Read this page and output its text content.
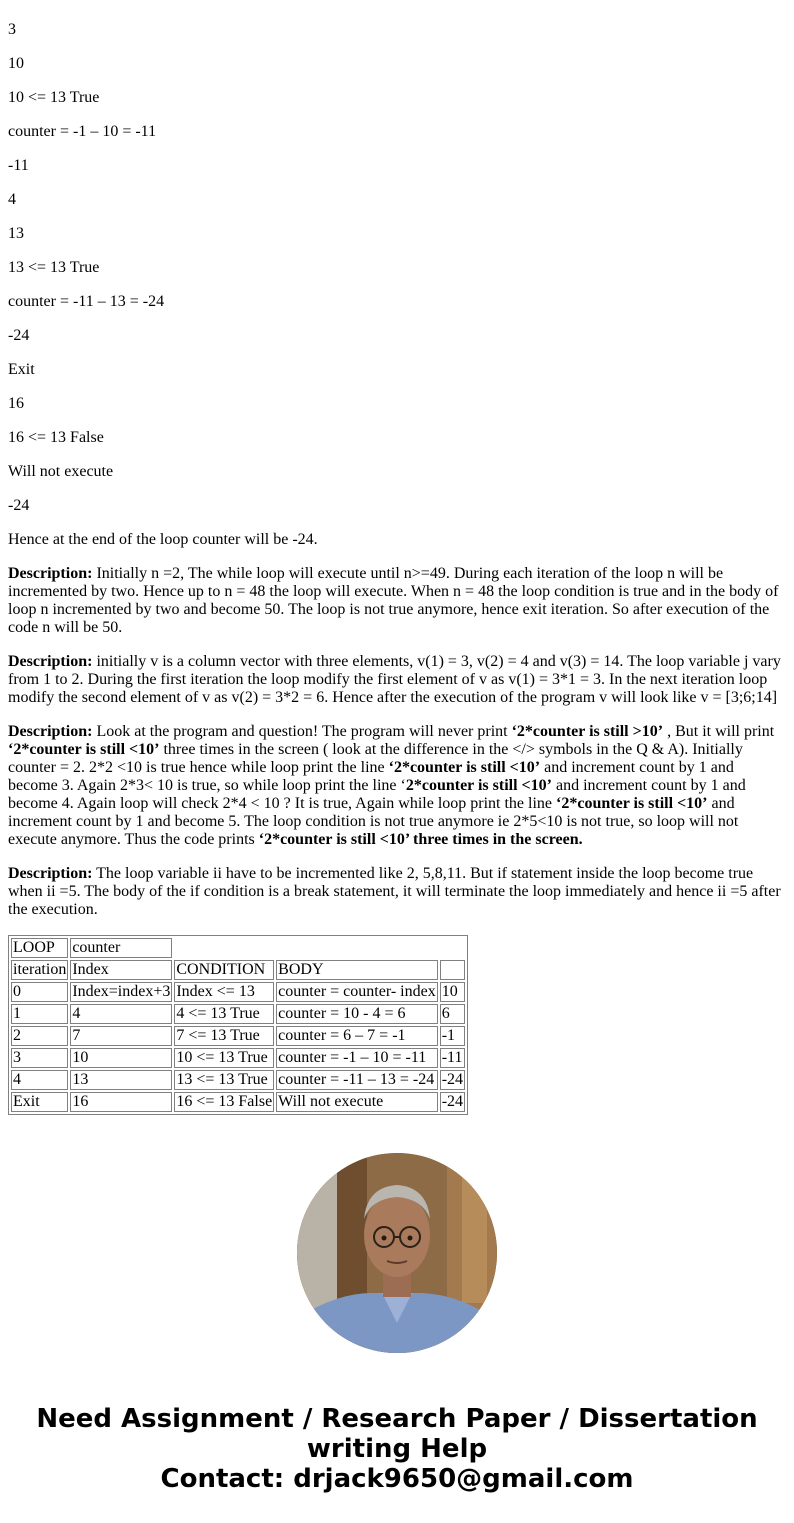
3
10
10 <= 13 True
counter = -1 – 10 = -11
-11
4
13
13 <= 13 True
counter = -11 – 13 = -24
-24
Exit
16
16 <= 13 False
Will not execute
-24
Hence at the end of the loop counter will be -24.
Description: Initially n =2, The while loop will execute until n>=49. During each iteration of the loop n will be incremented by two. Hence up to n = 48 the loop will execute. When n = 48 the loop condition is true and in the body of loop n incremented by two and become 50. The loop is not true anymore, hence exit iteration. So after execution of the code n will be 50.
Description: initially v is a column vector with three elements, v(1) = 3, v(2) = 4 and v(3) = 14. The loop variable j vary from 1 to 2. During the first iteration the loop modify the first element of v as v(1) = 3*1 = 3. In the next iteration loop modify the second element of v as v(2) = 3*2 = 6. Hence after the execution of the program v will look like v = [3;6;14]
Description: Look at the program and question! The program will never print ‘2*counter is still >10’ , But it will print ‘2*counter is still <10’ three times in the screen ( look at the difference in the </> symbols in the Q & A). Initially counter = 2. 2*2 <10 is true hence while loop print the line ‘2*counter is still <10’ and increment count by 1 and become 3. Again 2*3< 10 is true, so while loop print the line ‘2*counter is still <10’ and increment count by 1 and become 4. Again loop will check 2*4 < 10 ? It is true, Again while loop print the line ‘2*counter is still <10’ and increment count by 1 and become 5. The loop condition is not true anymore ie 2*5<10 is not true, so loop will not execute anymore. Thus the code prints ‘2*counter is still <10’ three times in the screen.
Description: The loop variable ii have to be incremented like 2, 5,8,11. But if statement inside the loop become true when ii =5. The body of the if condition is a break statement, it will terminate the loop immediately and hence ii =5 after the execution.
LOOP	counter			
iteration	Index	CONDITION	BODY	
0	Index=index+3	Index <= 13	counter = counter- index	10
1	4	4 <= 13 True	counter = 10 - 4 = 6	6
2	7	7 <= 13 True	counter = 6 – 7 = -1	-1
3	10	10 <= 13 True	counter = -1 – 10 = -11	-11
4	13	13 <= 13 True	counter = -11 – 13 = -24	-24
Exit	16	16 <= 13 False	Will not execute	-24
Need Assignment / Research Paper / Dissertation
writing Help
Contact: drjack9650@gmail.com
